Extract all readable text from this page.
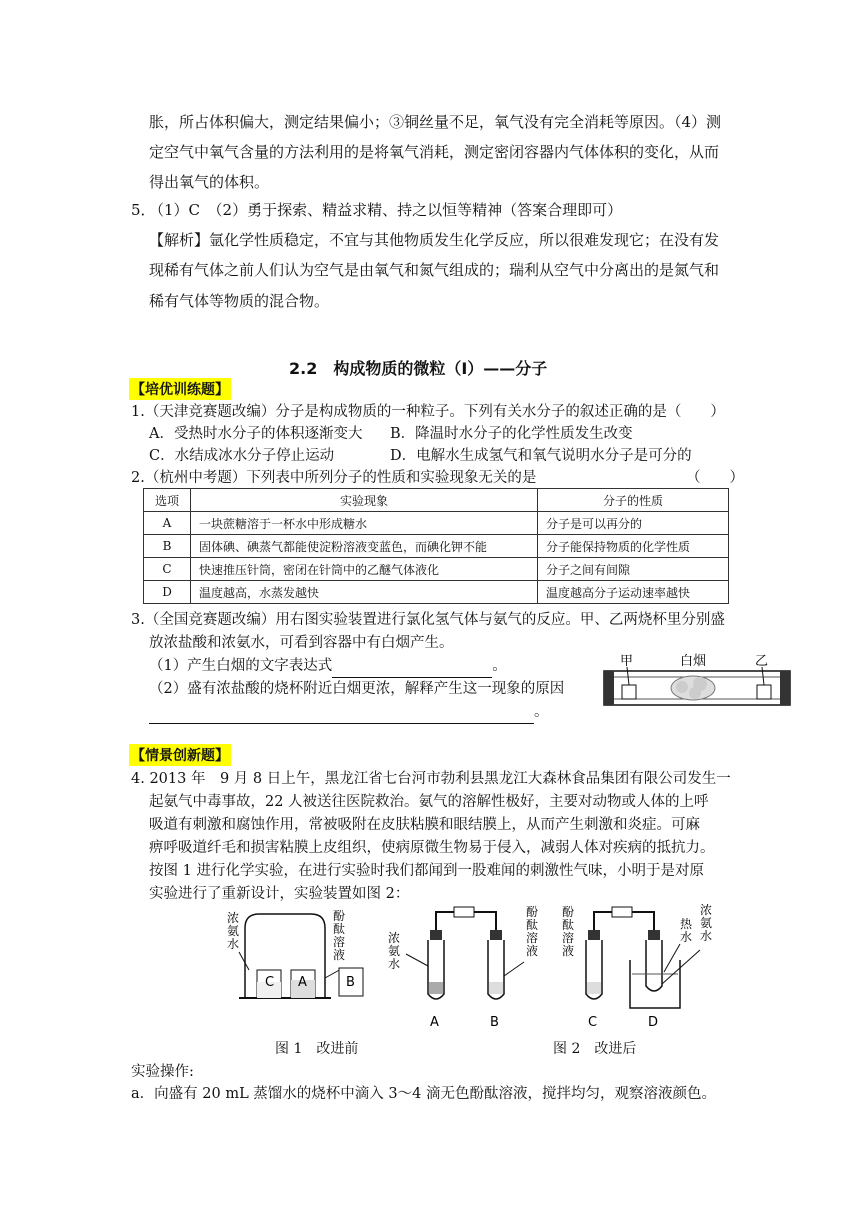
胀，所占体积偏大，测定结果偏小；③铜丝量不足，氧气没有完全消耗等原因。（4）测
定空气中氧气含量的方法利用的是将氧气消耗，测定密闭容器内气体体积的变化，从而
得出氧气的体积。
5．
（1）C　（2）勇于探索、精益求精、持之以恒等精神（答案合理即可）
【解析】氩化学性质稳定，不宜与其他物质发生化学反应，所以很难发现它；在没有发
现稀有气体之前人们认为空气是由氧气和氮气组成的；瑞利从空气中分离出的是氮气和
稀有气体等物质的混合物。
2.2　构成物质的微粒（Ⅰ）——分子
【培优训练题】
1.（天津竞赛题改编）分子是构成物质的一种粒子。下列有关水分子的叙述正确的是（　　）
A．受热时水分子的体积逐渐变大 B．降温时水分子的化学性质发生改变
C．水结成冰水分子停止运动	D．电解水生成氢气和氧气说明水分子是可分的
2.（杭州中考题）下列表中所列分子的性质和实验现象无关的是	（　　）
选项	实验现象	分子的性质
A	一块蔗糖溶于一杯水中形成糖水	分子是可以再分的
B	固体碘、碘蒸气都能使淀粉溶液变蓝色，而碘化钾不能	分子能保持物质的化学性质
C	快速推压针筒，密闭在针筒中的乙醚气体液化	分子之间有间隙
D	温度越高，水蒸发越快	温度越高分子运动速率越快
3.（全国竞赛题改编）用右图实验装置进行氯化氢气体与氨气的反应。甲、乙两烧杯里分别盛
放浓盐酸和浓氨水，可看到容器中有白烟产生。
（1）产生白烟的文字表达式	。
（2）盛有浓盐酸的烧杯附近白烟更浓，解释产生这一现象的原因
。
甲	白烟	乙
【情景创新题】
4. 2013 年　9 月 8 日上午，黑龙江省七台河市勃利县黑龙江大森林食品集团有限公司发生一
起氨气中毒事故，22 人被送往医院救治。氨气的溶解性极好，主要对动物或人体的上呼
吸道有刺激和腐蚀作用，常被吸附在皮肤粘膜和眼结膜上，从而产生刺激和炎症。可麻
痹呼吸道纤毛和损害粘膜上皮组织，使病原微生物易于侵入，减弱人体对疾病的抵抗力。
按图 1 进行化学实验，在进行实验时我们都闻到一股难闻的刺激性气味，小明于是对原
实验进行了重新设计，实验装置如图 2：
浓氨水
酚酞溶液
C A	B
浓氨水
酚酞溶液
A	B
酚酞溶液
热水
浓氨水
C	D
图 1　改进前	图 2　改进后
实验操作:
a．向盛有 20 mL 蒸馏水的烧杯中滴入 3～4 滴无色酚酞溶液，搅拌均匀，观察溶液颜色。
